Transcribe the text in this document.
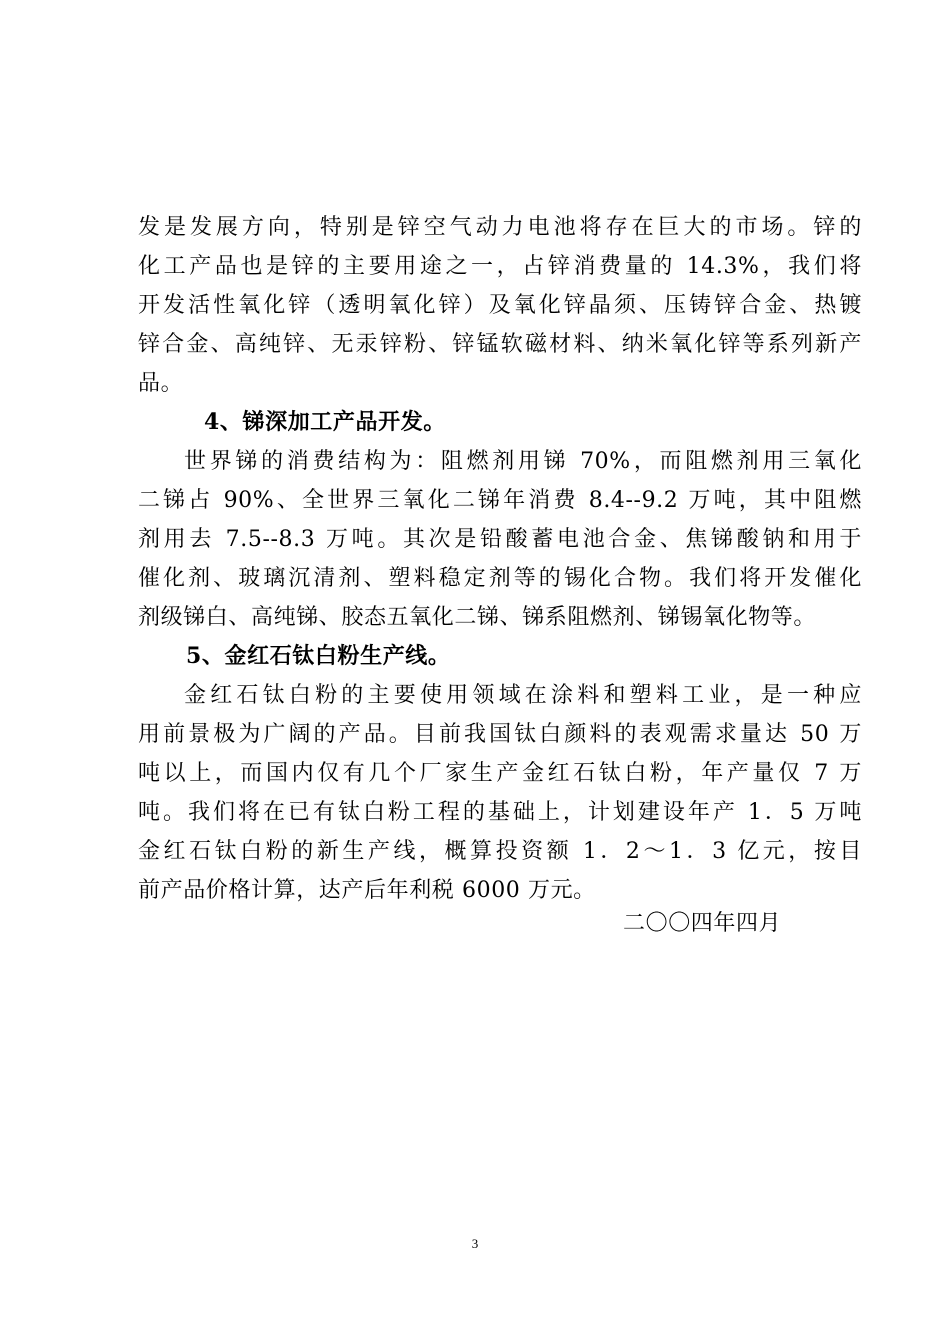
发是发展方向，特别是锌空气动力电池将存在巨大的市场。锌的
化工产品也是锌的主要用途之一，占锌消费量的 14.3%，我们将
开发活性氧化锌（透明氧化锌）及氧化锌晶须、压铸锌合金、热镀
锌合金、高纯锌、无汞锌粉、锌锰软磁材料、纳米氧化锌等系列新产
品。
4、锑深加工产品开发。
世界锑的消费结构为：阻燃剂用锑 70%，而阻燃剂用三氧化
二锑占 90%、全世界三氧化二锑年消费 8.4--9.2 万吨，其中阻燃
剂用去 7.5--8.3 万吨。其次是铅酸蓄电池合金、焦锑酸钠和用于
催化剂、玻璃沉清剂、塑料稳定剂等的锡化合物。我们将开发催化
剂级锑白、高纯锑、胶态五氧化二锑、锑系阻燃剂、锑锡氧化物等。
5、金红石钛白粉生产线。
金红石钛白粉的主要使用领域在涂料和塑料工业，是一种应
用前景极为广阔的产品。目前我国钛白颜料的表观需求量达 50 万
吨以上，而国内仅有几个厂家生产金红石钛白粉，年产量仅 7 万
吨。我们将在已有钛白粉工程的基础上，计划建设年产 1．5 万吨
金红石钛白粉的新生产线，概算投资额 1．2～1．3 亿元，按目
前产品价格计算，达产后年利税 6000 万元。
二〇〇四年四月
3
